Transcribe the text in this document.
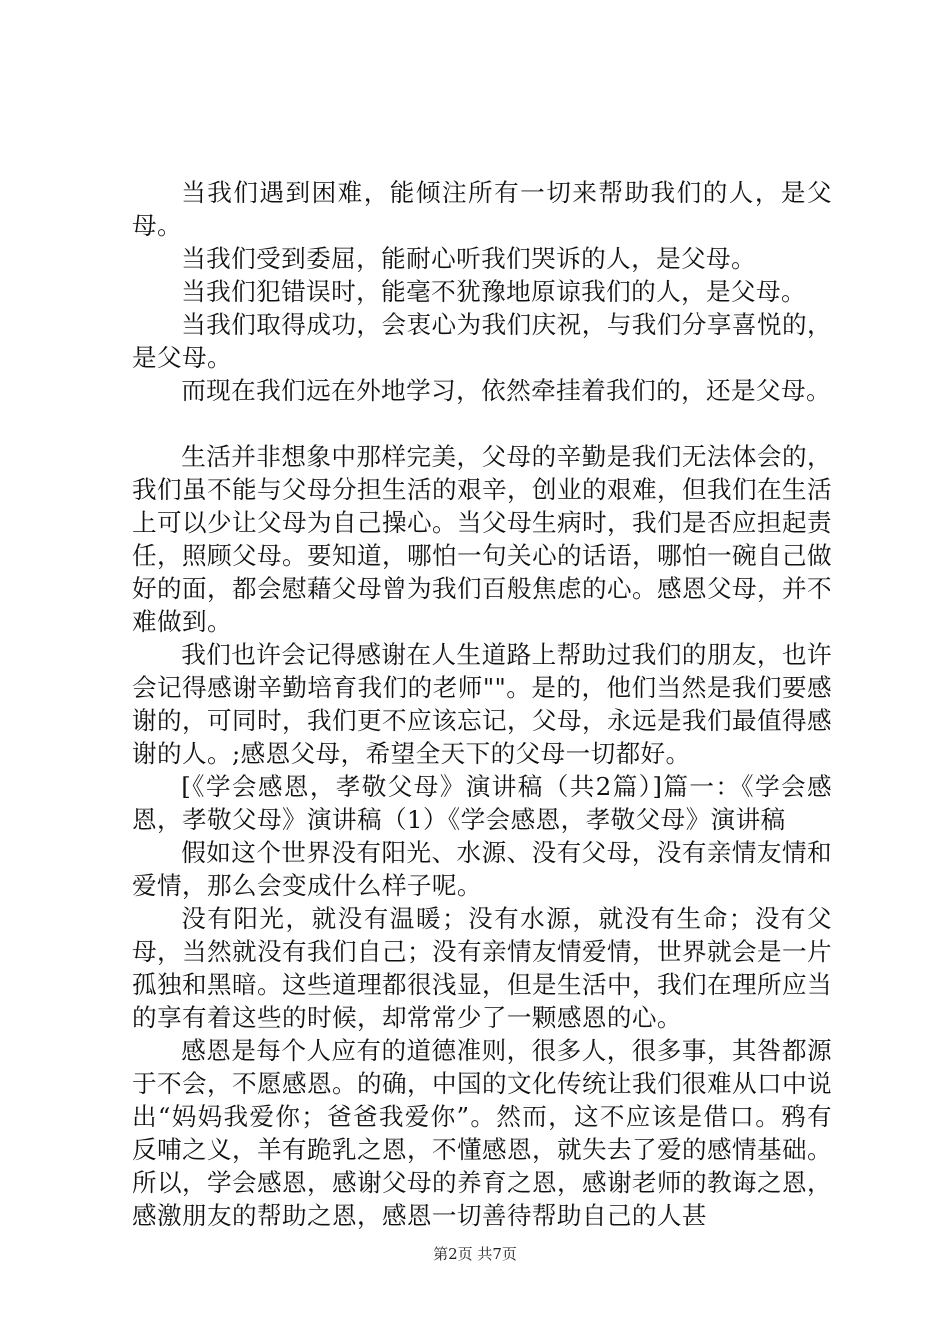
当我们遇到困难，能倾注所有一切来帮助我们的人，是父母。

当我们受到委屈，能耐心听我们哭诉的人，是父母。

当我们犯错误时，能毫不犹豫地原谅我们的人，是父母。

当我们取得成功，会衷心为我们庆祝，与我们分享喜悦的，是父母。

而现在我们远在外地学习，依然牵挂着我们的，还是父母。

生活并非想象中那样完美，父母的辛勤是我们无法体会的，我们虽不能与父母分担生活的艰辛，创业的艰难，但我们在生活上可以少让父母为自己操心。当父母生病时，我们是否应担起责任，照顾父母。要知道，哪怕一句关心的话语，哪怕一碗自己做好的面，都会慰藉父母曾为我们百般焦虑的心。感恩父母，并不难做到。

我们也许会记得感谢在人生道路上帮助过我们的朋友，也许会记得感谢辛勤培育我们的老师""。是的，他们当然是我们要感谢的，可同时，我们更不应该忘记，父母，永远是我们最值得感谢的人。;感恩父母，希望全天下的父母一切都好。

[《学会感恩，孝敬父母》演讲稿（共2篇）]篇一：《学会感恩，孝敬父母》演讲稿（1）《学会感恩，孝敬父母》演讲稿

假如这个世界没有阳光、水源、没有父母，没有亲情友情和爱情，那么会变成什么样子呢。

没有阳光，就没有温暖；没有水源，就没有生命；没有父母，当然就没有我们自己；没有亲情友情爱情，世界就会是一片孤独和黑暗。这些道理都很浅显，但是生活中，我们在理所应当的享有着这些的时候，却常常少了一颗感恩的心。

感恩是每个人应有的道德准则，很多人，很多事，其咎都源于不会，不愿感恩。的确，中国的文化传统让我们很难从口中说出“妈妈我爱你；爸爸我爱你”。然而，这不应该是借口。鸦有反哺之义，羊有跪乳之恩，不懂感恩，就失去了爱的感情基础。所以，学会感恩，感谢父母的养育之恩，感谢老师的教诲之恩，感激朋友的帮助之恩，感恩一切善待帮助自己的人甚

第2页 共7页
